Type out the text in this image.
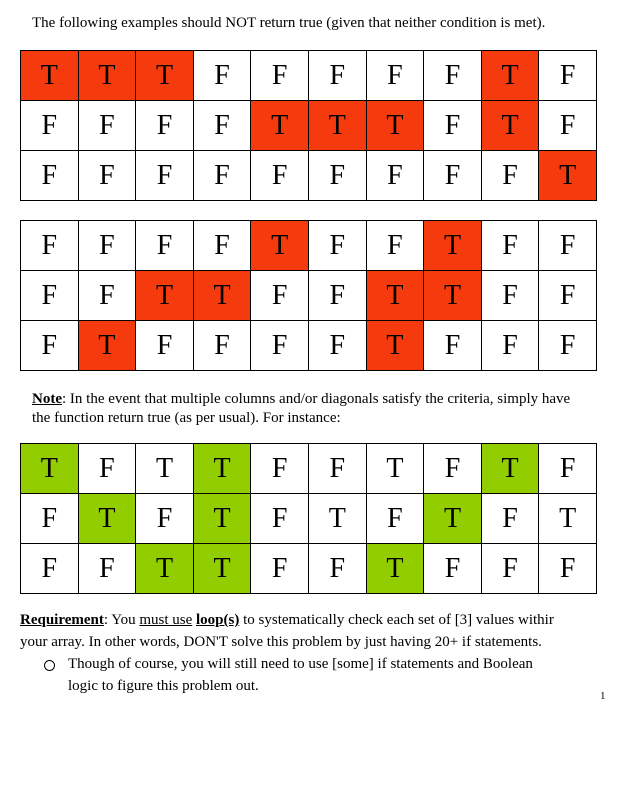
The following examples should NOT return true (given that neither condition is met).
T	T	T	F	F	F	F	F	T	F
F	F	F	F	T	T	T	F	T	F
F	F	F	F	F	F	F	F	F	T
F	F	F	F	T	F	F	T	F	F
F	F	T	T	F	F	T	T	F	F
F	T	F	F	F	F	T	F	F	F
Note: In the event that multiple columns and/or diagonals satisfy the criteria, simply have
the function return true (as per usual). For instance:
T	F	T	T	F	F	T	F	T	F
F	T	F	T	F	T	F	T	F	T
F	F	T	T	F	F	T	F	F	F
Requirement: You must use loop(s) to systematically check each set of [3] values withir
your array. In other words, DON'T solve this problem by just having 20+ if statements.
Though of course, you will still need to use [some] if statements and Boolean
logic to figure this problem out.
1
